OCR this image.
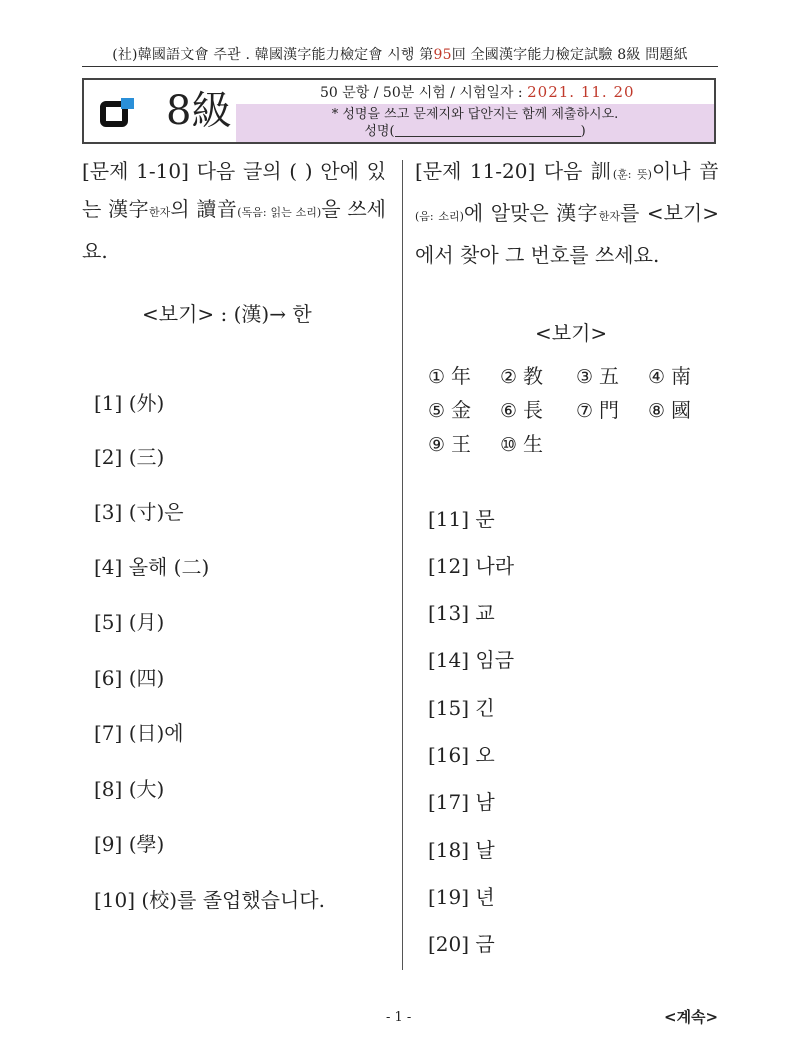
(社)韓國語文會 주관 . 韓國漢字能力檢定會 시행 第95回 全國漢字能力檢定試驗 8級 問題紙
8級	50 문항 / 50분 시험 / 시험일자 : 2021. 11. 20
* 성명을 쓰고 문제지와 답안지는 함께 제출하시오.
성명(	)
[문제 1-10] 다음 글의 ( ) 안에 있는 漢字한자의 讀音(독음: 읽는 소리)을 쓰세요.
<보기> : (漢)→ 한
[1] (外)
[2] (三)
[3] (寸)은
[4] 올해 (二)
[5] (月)
[6] (四)
[7] (日)에
[8] (大)
[9] (學)
[10] (校)를 졸업했습니다.
[문제 11-20] 다음 訓(훈: 뜻)이나 音(음: 소리)에 알맞은 漢字한자를 <보기>에서 찾아 그 번호를 쓰세요.
<보기>
① 年 ② 教 ③ 五 ④ 南
⑤ 金 ⑥ 長 ⑦ 門 ⑧ 國
⑨ 王 ⑩ 生
[11] 문
[12] 나라
[13] 교
[14] 임금
[15] 긴
[16] 오
[17] 남
[18] 날
[19] 년
[20] 금
- 1 -	<계속>
